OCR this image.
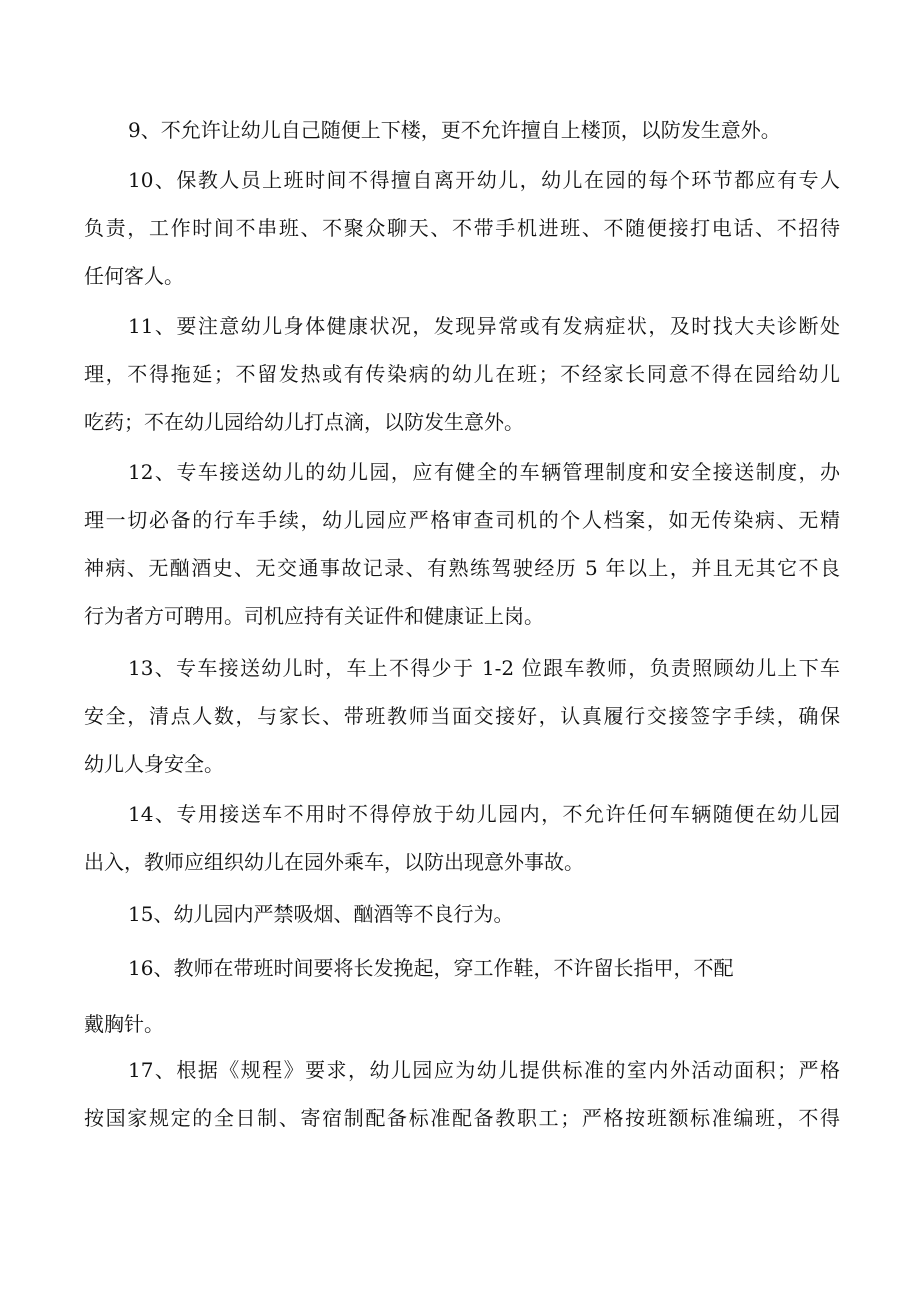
9、不允许让幼儿自己随便上下楼，更不允许擅自上楼顶，以防发生意外。
10、保教人员上班时间不得擅自离开幼儿，幼儿在园的每个环节都应有专人
负责，工作时间不串班、不聚众聊天、不带手机进班、不随便接打电话、不招待
任何客人。
11、要注意幼儿身体健康状况，发现异常或有发病症状，及时找大夫诊断处
理，不得拖延；不留发热或有传染病的幼儿在班；不经家长同意不得在园给幼儿
吃药；不在幼儿园给幼儿打点滴，以防发生意外。
12、专车接送幼儿的幼儿园，应有健全的车辆管理制度和安全接送制度，办
理一切必备的行车手续，幼儿园应严格审查司机的个人档案，如无传染病、无精
神病、无酗酒史、无交通事故记录、有熟练驾驶经历 5 年以上，并且无其它不良
行为者方可聘用。司机应持有关证件和健康证上岗。
13、专车接送幼儿时，车上不得少于 1-2 位跟车教师，负责照顾幼儿上下车
安全，清点人数，与家长、带班教师当面交接好，认真履行交接签字手续，确保
幼儿人身安全。
14、专用接送车不用时不得停放于幼儿园内，不允许任何车辆随便在幼儿园
出入，教师应组织幼儿在园外乘车，以防出现意外事故。
15、幼儿园内严禁吸烟、酗酒等不良行为。
16、教师在带班时间要将长发挽起，穿工作鞋，不许留长指甲，不配
戴胸针。
17、根据《规程》要求，幼儿园应为幼儿提供标准的室内外活动面积；严格
按国家规定的全日制、寄宿制配备标准配备教职工；严格按班额标准编班，不得
